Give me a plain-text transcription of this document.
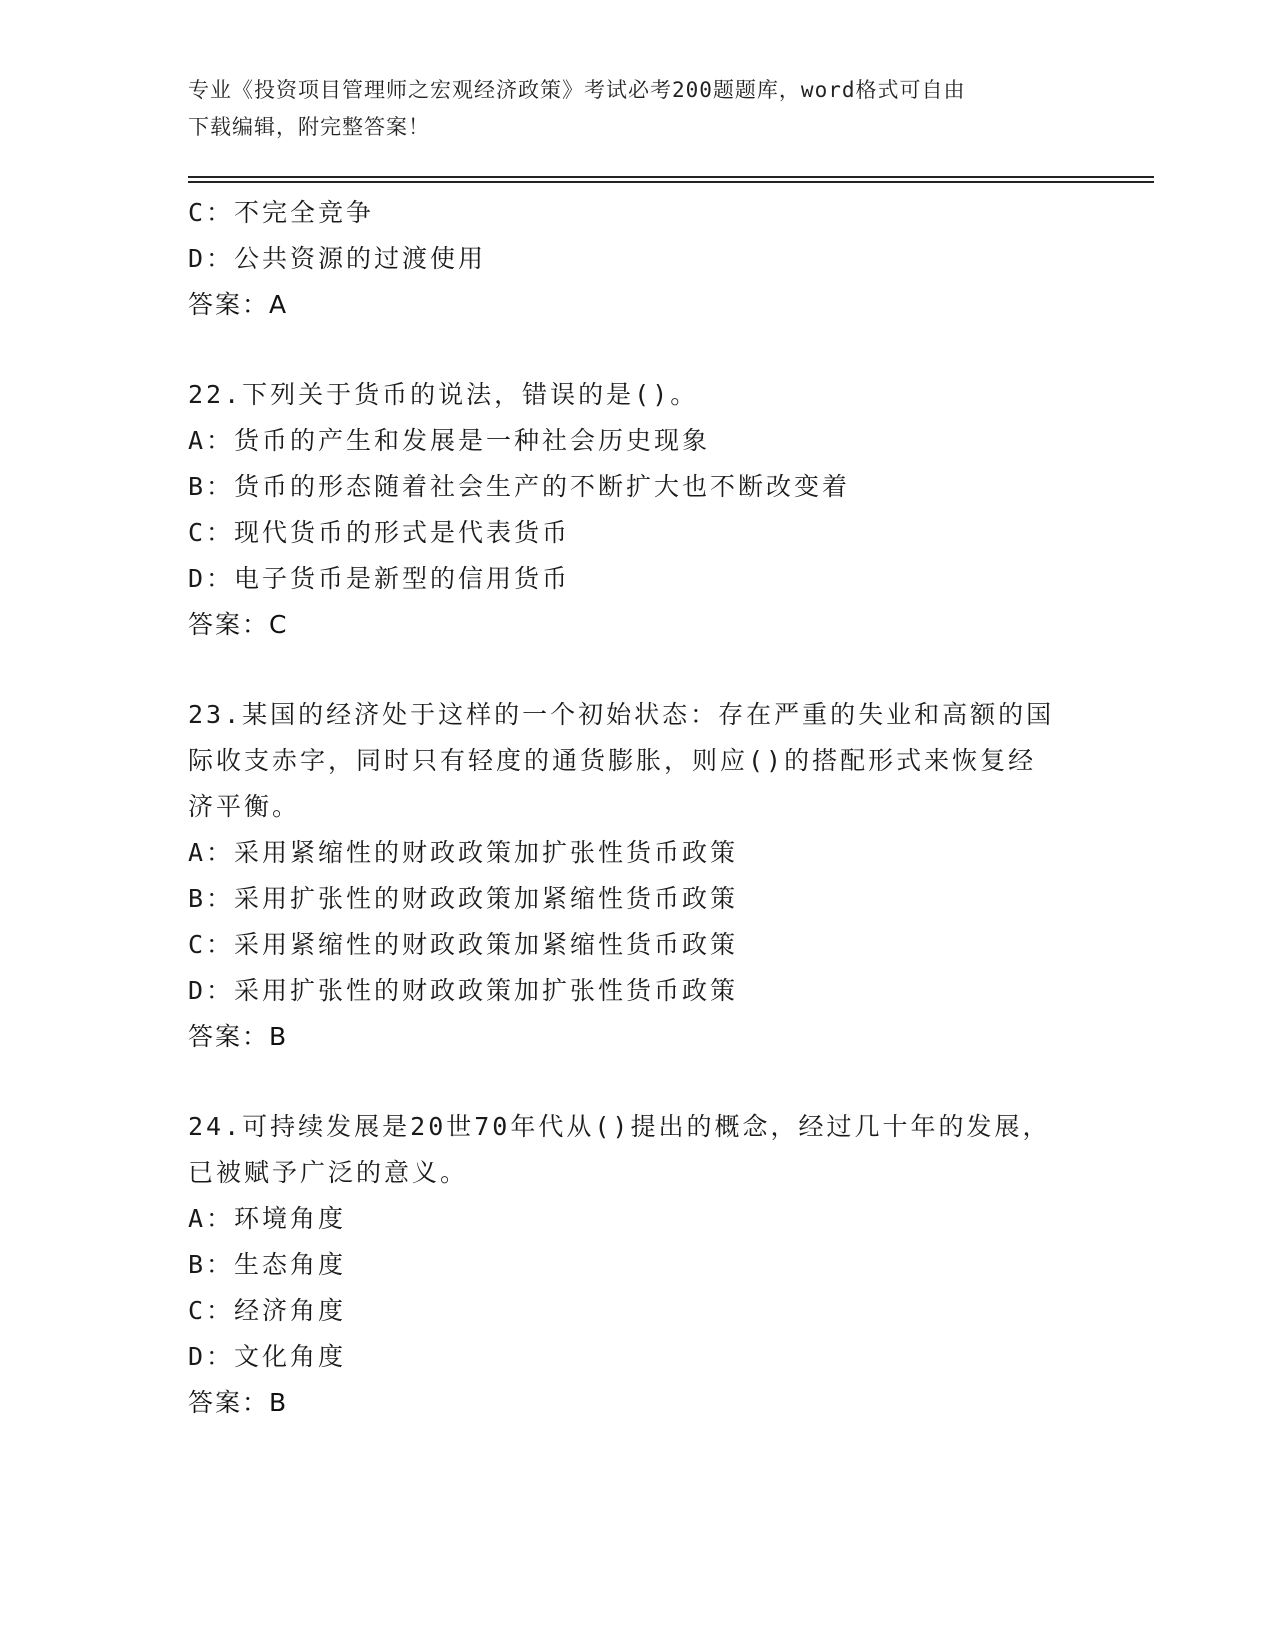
专业《投资项目管理师之宏观经济政策》考试必考200题题库，word格式可自由
下载编辑，附完整答案！
C：不完全竞争
D：公共资源的过渡使用
答案：A
22.下列关于货币的说法，错误的是()。
A：货币的产生和发展是一种社会历史现象
B：货币的形态随着社会生产的不断扩大也不断改变着
C：现代货币的形式是代表货币
D：电子货币是新型的信用货币
答案：C
23.某国的经济处于这样的一个初始状态：存在严重的失业和高额的国
际收支赤字，同时只有轻度的通货膨胀，则应()的搭配形式来恢复经
济平衡。
A：采用紧缩性的财政政策加扩张性货币政策
B：采用扩张性的财政政策加紧缩性货币政策
C：采用紧缩性的财政政策加紧缩性货币政策
D：采用扩张性的财政政策加扩张性货币政策
答案：B
24.可持续发展是20世70年代从()提出的概念，经过几十年的发展，
已被赋予广泛的意义。
A：环境角度
B：生态角度
C：经济角度
D：文化角度
答案：B
